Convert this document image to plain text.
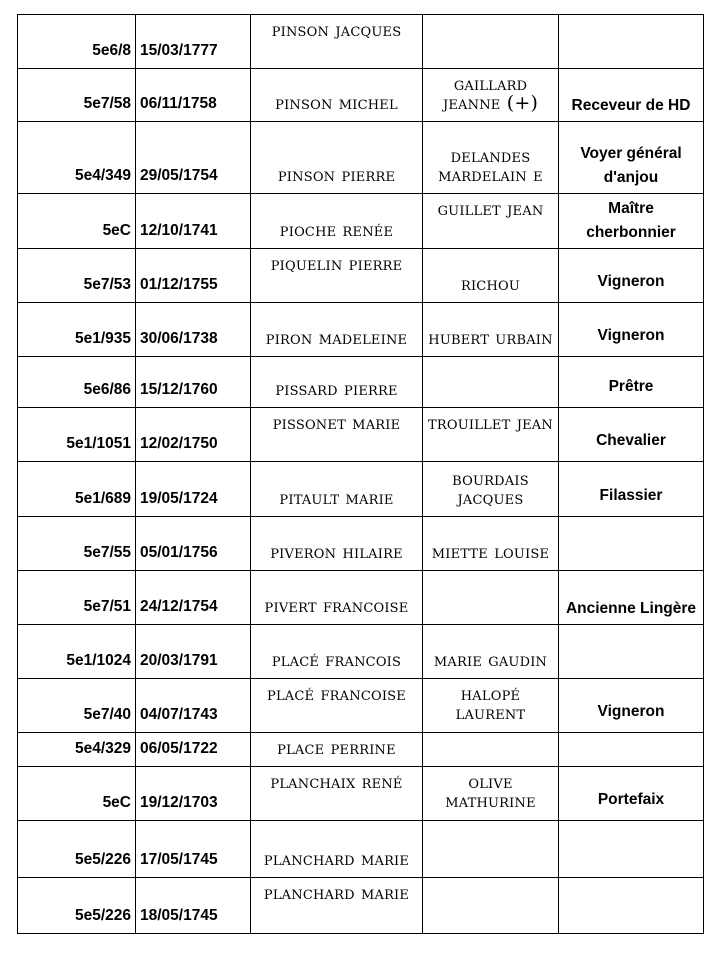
5e6/8	15/03/1777	pinson jacques		
5e7/58	06/11/1758	pinson michel	gaillard jeanne (+)	Receveur de HD
5e4/349	29/05/1754	pinson pierre	delandes mardelain e	Voyer général d'anjou
5eC	12/10/1741	pioche renée	guillet jean	Maître cherbonnier
5e7/53	01/12/1755	piquelin pierre	richou	Vigneron
5e1/935	30/06/1738	piron madeleine	hubert urbain	Vigneron
5e6/86	15/12/1760	pissard pierre		Prêtre
5e1/1051	12/02/1750	pissonet marie	trouillet jean	Chevalier
5e1/689	19/05/1724	pitault marie	bourdais jacques	Filassier
5e7/55	05/01/1756	piveron hilaire	miette louise	
5e7/51	24/12/1754	pivert francoise		Ancienne Lingère
5e1/1024	20/03/1791	placé francois	marie gaudin	
5e7/40	04/07/1743	placé francoise	halopé laurent	Vigneron
5e4/329	06/05/1722	place perrine		
5eC	19/12/1703	planchaix rené	olive mathurine	Portefaix
5e5/226	17/05/1745	planchard marie		
5e5/226	18/05/1745	planchard marie		
